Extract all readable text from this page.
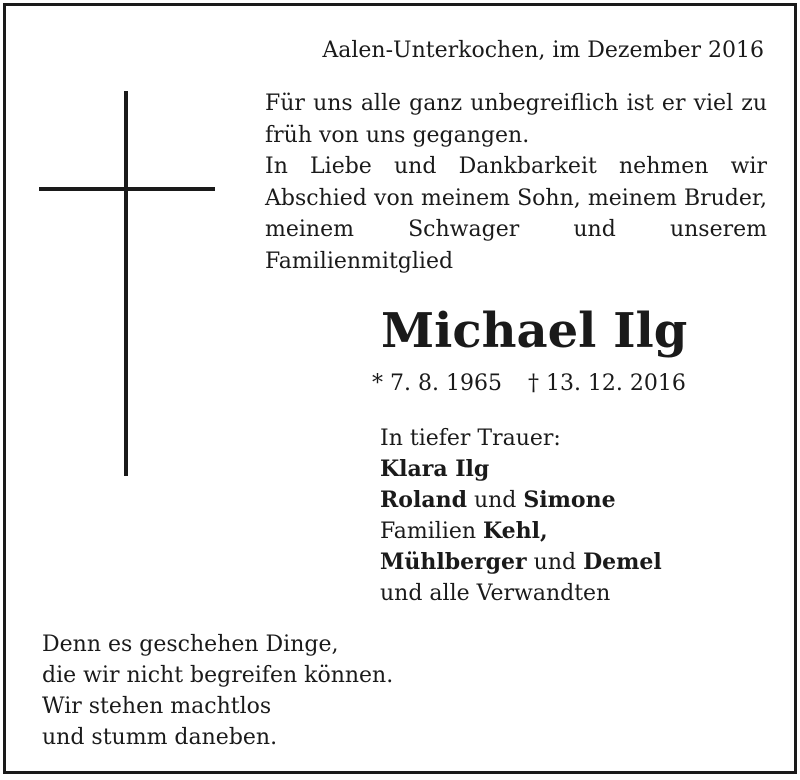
Aalen-Unterkochen, im Dezember 2016

Für uns alle ganz unbegreiflich ist er viel zu früh von uns gegangen.

In Liebe und Dankbarkeit nehmen wir Abschied von meinem Sohn, meinem Bruder, meinem Schwager und unserem Familienmitglied

Michael Ilg
* 7. 8. 1965 † 13. 12. 2016
In tiefer Trauer:
Klara Ilg
Roland und Simone
Familien Kehl,
Mühlberger und Demel
und alle Verwandten
Denn es geschehen Dinge,
die wir nicht begreifen können.
Wir stehen machtlos
und stumm daneben.
